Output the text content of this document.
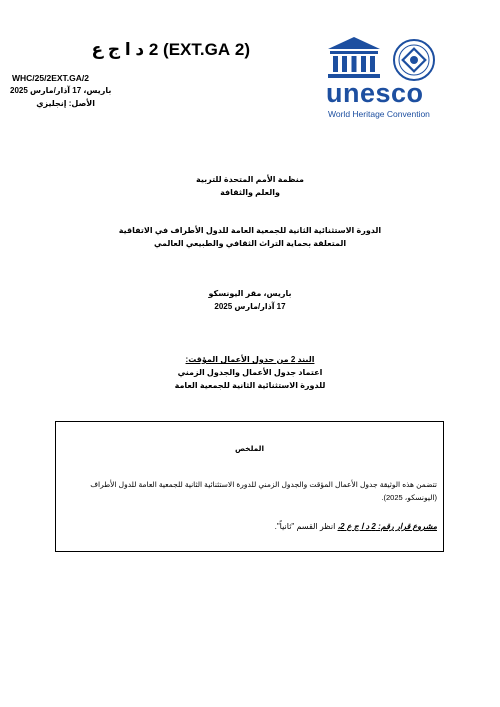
(2 EXT.GA) 2 د ا ج ع
WHC/25/2EXT.GA/2
باريس، 17 آذار/مارس 2025
الأصل: إنجليزي	unesco
World Heritage Convention
منظمة الأمم المتحدة للتربية
والعلم والثقافة
الدورة الاستثنائية الثانية للجمعية العامة للدول الأطراف في الاتفاقية
المتعلقة بحماية التراث الثقافي والطبيعي العالمي
باريس، مقر اليونسكو
17 آذار/مارس 2025
البند 2 من جدول الأعمال المؤقت:
اعتماد جدول الأعمال والجدول الزمني
للدورة الاستثنائية الثانية للجمعية العامة
الملخص
تتضمن هذه الوثيقة جدول الأعمال المؤقت والجدول الزمني للدورة الاستثنائية الثانية للجمعية العامة للدول الأطراف (اليونسكو، 2025).
مشروع قرار رقم: 2 د ا ج ع 2، انظر القسم "ثانياً".
